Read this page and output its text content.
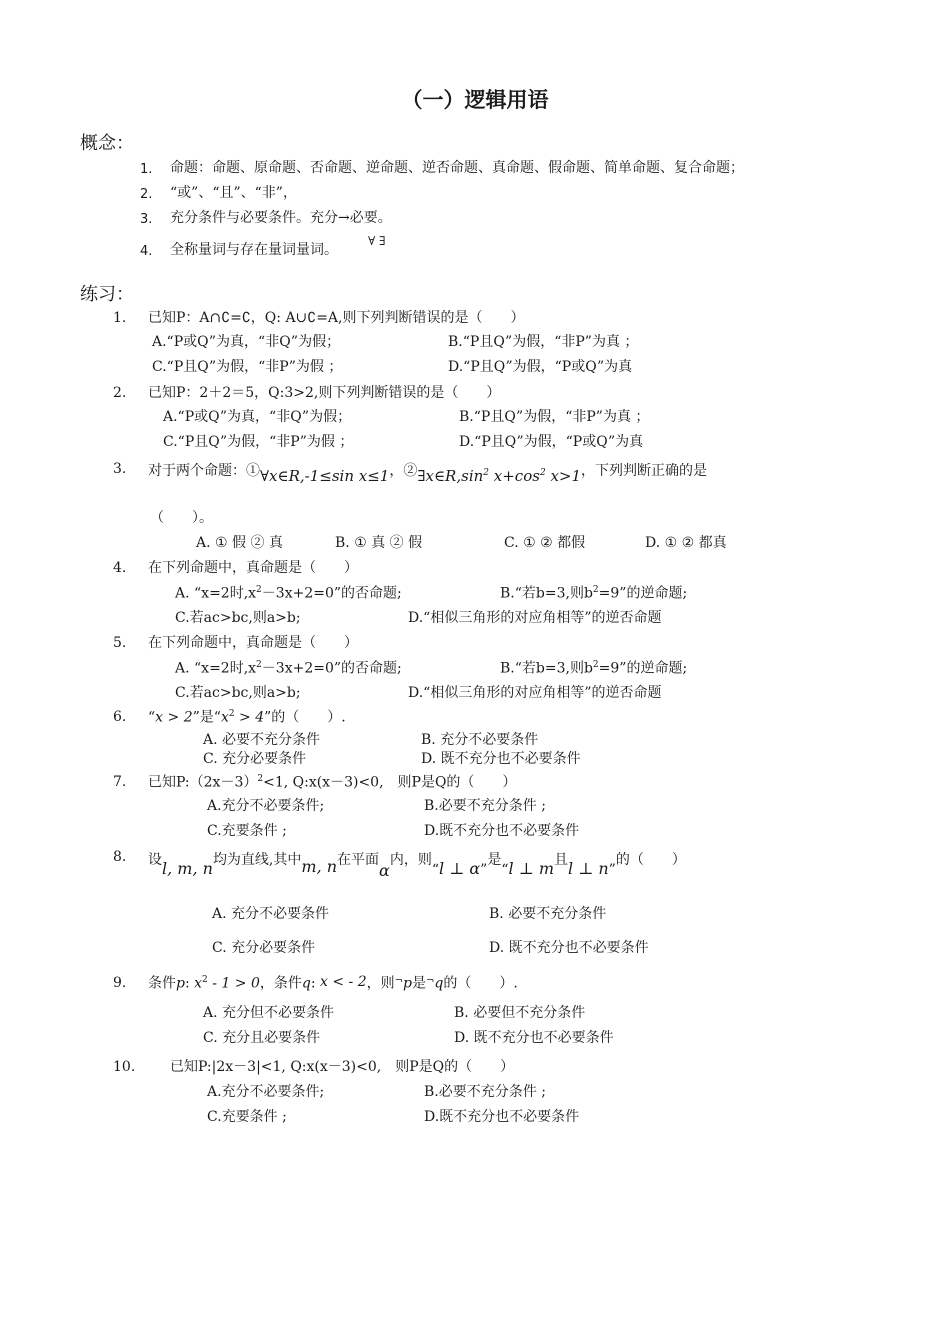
（一）逻辑用语
概念：
1. 命题：命题、原命题、否命题、逆命题、逆否命题、真命题、假命题、简单命题、复合命题；
2. “或”、“且”、“非”，
3. 充分条件与必要条件。充分→必要。
4. 全称量词与存在量词量词。
∀ ∃
练习：
1. 已知P：A∩∁=∁，Q: A∪∁=A,则下列判断错误的是（　　）
A.“P或Q”为真，“非Q”为假；	B.“P且Q”为假，“非P”为真 ；
C.“P且Q”为假，“非P”为假 ；	D.“P且Q”为假，“P或Q”为真
2. 已知P：2＋2＝5，Q:3>2,则下列判断错误的是（　　）
A.“P或Q”为真，“非Q”为假；	B.“P且Q”为假，“非P”为真 ；
C.“P且Q”为假，“非P”为假 ；	D.“P且Q”为假，“P或Q”为真
3. 对于两个命题：①∀x∈R,-1≤sin x≤1，$②\exists x\in R,\sin^2$ $x+\cos^2$ x>1，下列判断正确的是
（　　）。
A. ① 假 ② 真	B. ① 真 ② 假	C. ① ② 都假	D. ① ② 都真
4. 在下列命题中，真命题是（　　）
A. “x=2时$,x^2-3x+2=0$”的否命题;	B.“若b=3,则$b^2=9$”的逆命题;
C.若ac>bc,则a>b;	D.“相似三角形的对应角相等”的逆否命题
5. 在下列命题中，真命题是（　　）
A. “x=2时$,x^2-3x+2=0$”的否命题;	B.“若b=3,则$b^2=9$”的逆命题;
C.若ac>bc,则a>b;	D.“相似三角形的对应角相等”的逆否命题
6. “x > 2”是“$x^2 > 4$”的（　　）.
A. 必要不充分条件	B. 充分不必要条件
C. 充分必要条件	D. 既不充分也不必要条件
7. 已知$P:(2x-3)^2<1$, Q:x(x－3)<0,　则P是Q的（　　）
A.充分不必要条件;	B.必要不充分条件 ;
C.充要条件 ;	D.既不充分也不必要条件
8. 设l, m, n均为直线,其中m, n在平面α内，则“l ⊥ α”是“l ⊥ m且l ⊥ n”的（　　）
A. 充分不必要条件	B. 必要不充分条件
C. 充分必要条件	D. 既不充分也不必要条件
9. 条件p: $x^2 - 1 > 0$，条件q: x < - 2，则¬p是¬q的（　　）.
A. 充分但不必要条件	B. 必要但不充分条件
C. 充分且必要条件	D. 既不充分也不必要条件
10. 已知P:|2x－3|<1, Q:x(x－3)<0,　则P是Q的（　　）
A.充分不必要条件;	B.必要不充分条件 ;
C.充要条件 ;	D.既不充分也不必要条件
